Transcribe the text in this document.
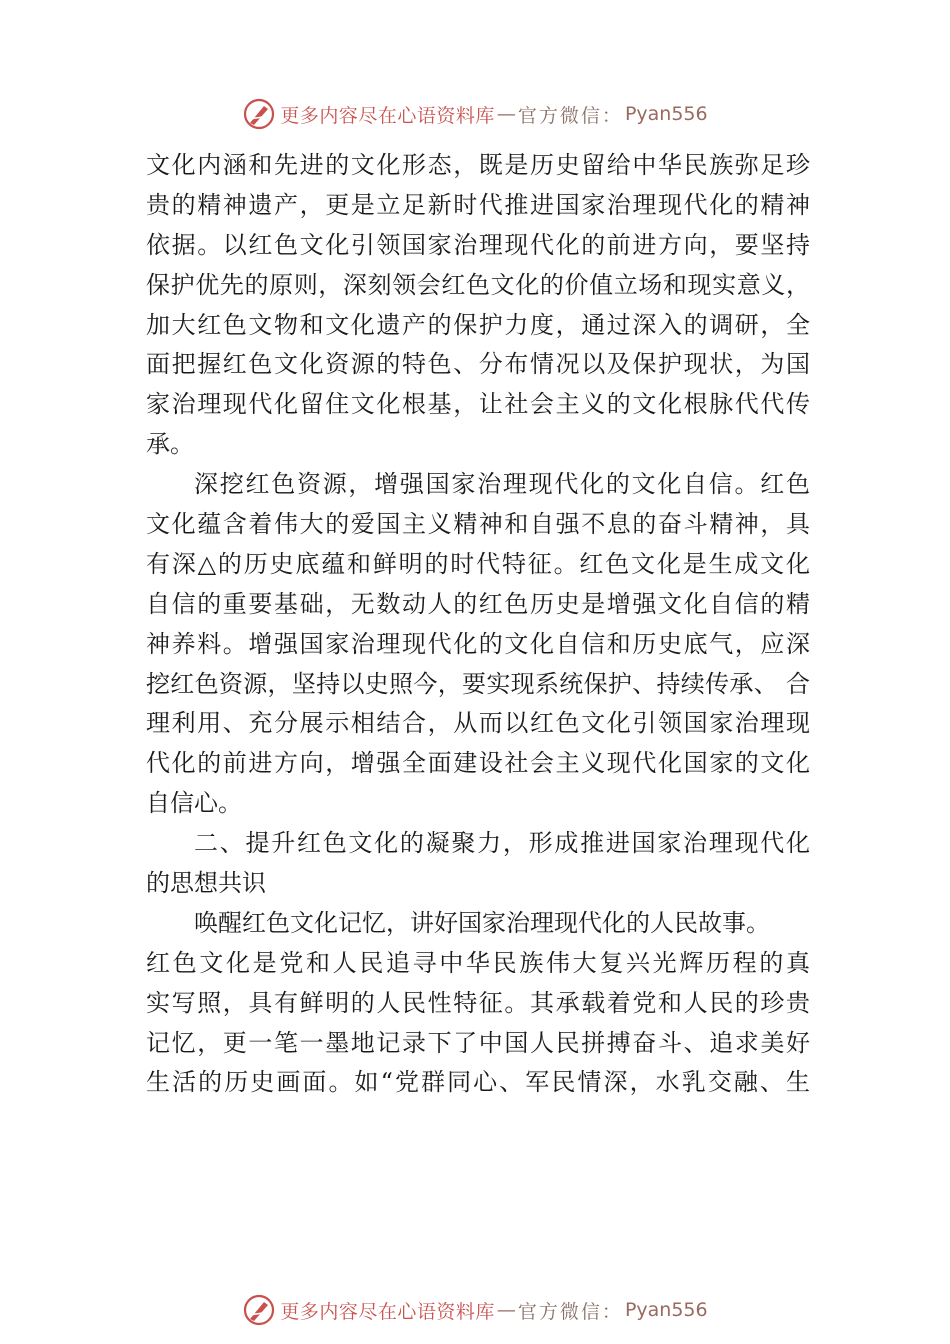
更多内容尽在心语资料库 — 官方微信： Pyan556
文化内涵和先进的文化形态，既是历史留给中华民族弥足珍
贵的精神遗产，更是立足新时代推进国家治理现代化的精神
依据。以红色文化引领国家治理现代化的前进方向，要坚持
保护优先的原则，深刻领会红色文化的价值立场和现实意义，
加大红色文物和文化遗产的保护力度，通过深入的调研，全
面把握红色文化资源的特色、分布情况以及保护现状，为国
家治理现代化留住文化根基，让社会主义的文化根脉代代传
承。
深挖红色资源，增强国家治理现代化的文化自信。红色
文化蕴含着伟大的爱国主义精神和自强不息的奋斗精神，具
有深△的历史底蕴和鲜明的时代特征。红色文化是生成文化
自信的重要基础，无数动人的红色历史是增强文化自信的精
神养料。增强国家治理现代化的文化自信和历史底气，应深
挖红色资源，坚持以史照今，要实现系统保护、持续传承、 合
理利用、充分展示相结合，从而以红色文化引领国家治理现
代化的前进方向，增强全面建设社会主义现代化国家的文化
自信心。
二、提升红色文化的凝聚力，形成推进国家治理现代化
的思想共识
唤醒红色文化记忆，讲好国家治理现代化的人民故事。
红色文化是党和人民追寻中华民族伟大复兴光辉历程的真
实写照，具有鲜明的人民性特征。其承载着党和人民的珍贵
记忆，更一笔一墨地记录下了中国人民拼搏奋斗、追求美好
生活的历史画面。如“党群同心、军民情深，水乳交融、生
更多内容尽在心语资料库 — 官方微信： Pyan556
